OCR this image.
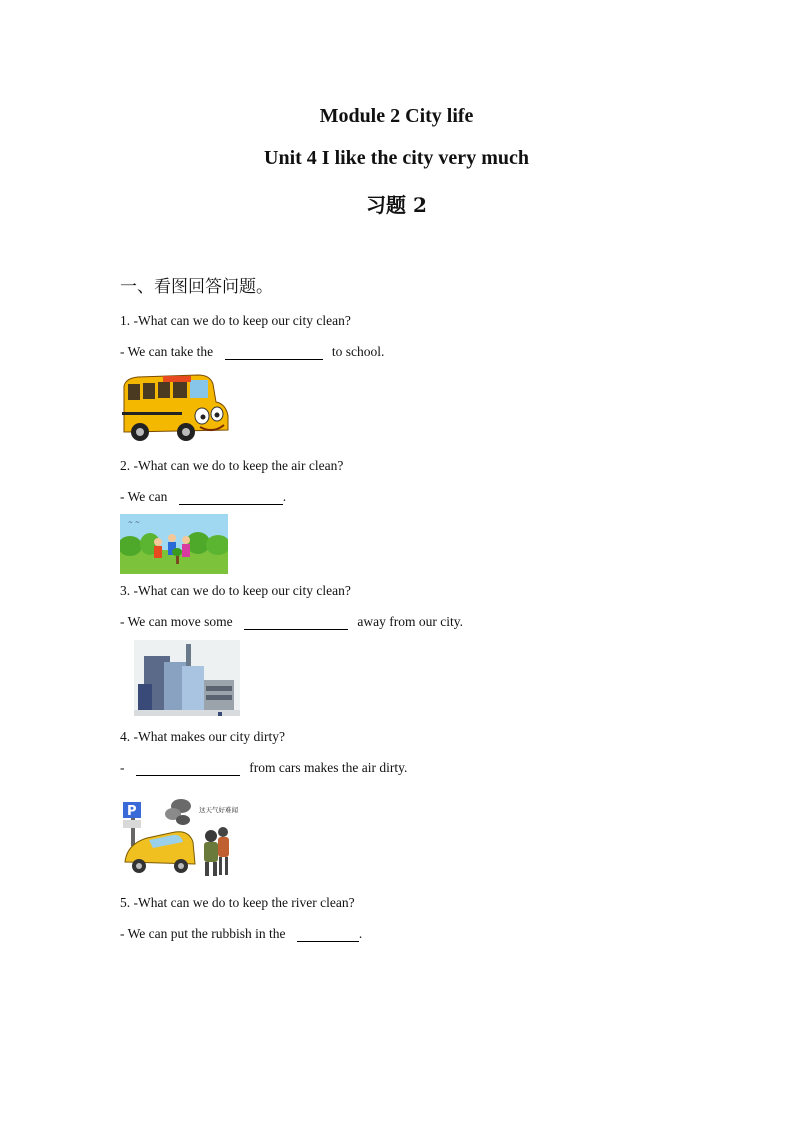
Module 2 City life
Unit 4 I like the city very much
习题 2
一、看图回答问题。
1. -What can we do to keep our city clean?
- We can take the	to school.
2. -What can we do to keep the air clean?
- We can	.
~ ~
3. -What can we do to keep our city clean?
- We can move some	away from our city.
4. -What makes our city dirty?
-	from cars makes the air dirty.
P	这天气好难闻
5. -What can we do to keep the river clean?
- We can put the rubbish in the	.
